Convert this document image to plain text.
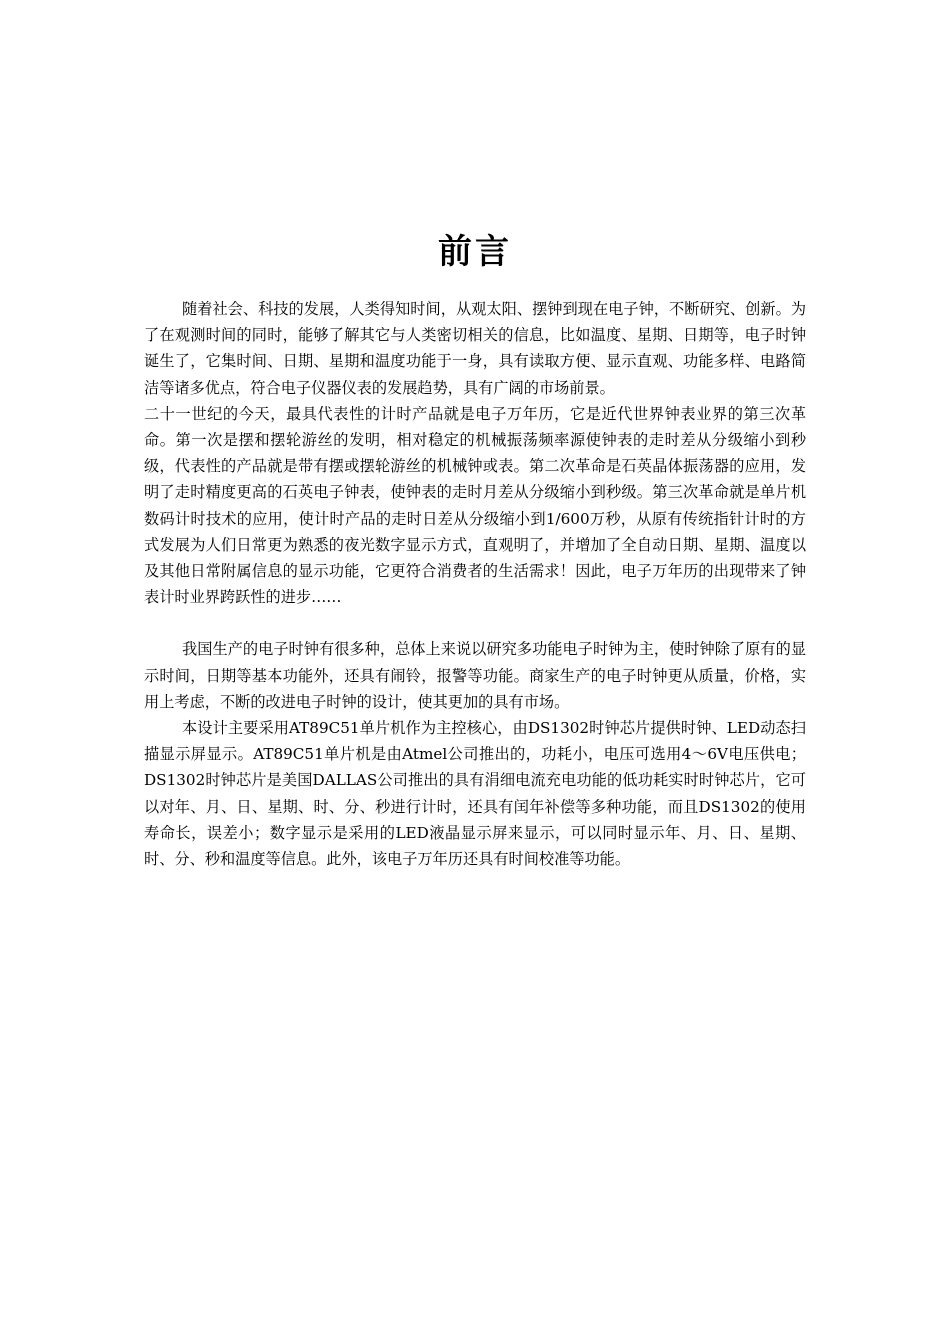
前言

随着社会、科技的发展，人类得知时间，从观太阳、摆钟到现在电子钟，不断研究、创新。为了在观测时间的同时，能够了解其它与人类密切相关的信息，比如温度、星期、日期等，电子时钟诞生了，它集时间、日期、星期和温度功能于一身，具有读取方便、显示直观、功能多样、电路简洁等诸多优点，符合电子仪器仪表的发展趋势，具有广阔的市场前景。

二十一世纪的今天，最具代表性的计时产品就是电子万年历，它是近代世界钟表业界的第三次革命。第一次是摆和摆轮游丝的发明，相对稳定的机械振荡频率源使钟表的走时差从分级缩小到秒级，代表性的产品就是带有摆或摆轮游丝的机械钟或表。第二次革命是石英晶体振荡器的应用，发明了走时精度更高的石英电子钟表，使钟表的走时月差从分级缩小到秒级。第三次革命就是单片机数码计时技术的应用，使计时产品的走时日差从分级缩小到1/600万秒，从原有传统指针计时的方式发展为人们日常更为熟悉的夜光数字显示方式，直观明了，并增加了全自动日期、星期、温度以及其他日常附属信息的显示功能，它更符合消费者的生活需求！因此，电子万年历的出现带来了钟表计时业界跨跃性的进步……

我国生产的电子时钟有很多种，总体上来说以研究多功能电子时钟为主，使时钟除了原有的显示时间，日期等基本功能外，还具有闹铃，报警等功能。商家生产的电子时钟更从质量，价格，实用上考虑，不断的改进电子时钟的设计，使其更加的具有市场。

本设计主要采用AT89C51单片机作为主控核心，由DS1302时钟芯片提供时钟、LED动态扫描显示屏显示。AT89C51单片机是由Atmel公司推出的，功耗小，电压可选用4～6V电压供电；DS1302时钟芯片是美国DALLAS公司推出的具有涓细电流充电功能的低功耗实时时钟芯片，它可以对年、月、日、星期、时、分、秒进行计时，还具有闰年补偿等多种功能，而且DS1302的使用寿命长，误差小；数字显示是采用的LED液晶显示屏来显示，可以同时显示年、月、日、星期、时、分、秒和温度等信息。此外，该电子万年历还具有时间校准等功能。
